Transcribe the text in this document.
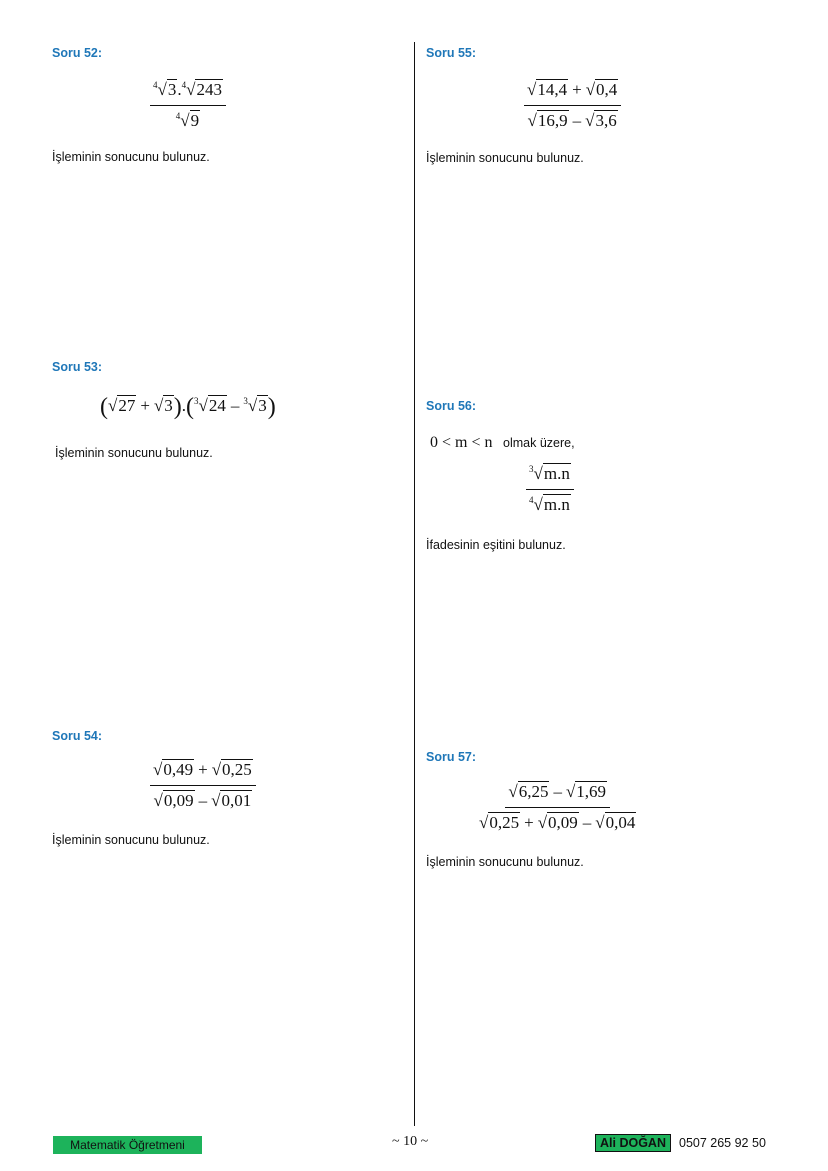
Soru 52:
$\frac{^4√3.^4√243}{^4√9}$
İşleminin sonucunu bulunuz.
Soru 53:
(√27 + √3).($^3$√24 – $^3$√3)
İşleminin sonucunu bulunuz.
Soru 54:
$\frac{√0,49 + √0,25}{√0,09 - √0,01}$
İşleminin sonucunu bulunuz.
Soru 55:
$\frac{√14,4 + √0,4}{√16,9 - √3,6}$
İşleminin sonucunu bulunuz.
Soru 56:
0 < m < n olmak üzere,
$\frac{^3√m.n}{^4√m.n}$
İfadesinin eşitini bulunuz.
Soru 57:
$\frac{√6,25 - √1,69}{√0,25 + √0,09 - √0,04}$
İşleminin sonucunu bulunuz.
Matematik Öğretmeni	~ 10 ~	Ali DOĞAN	0507 265 92 50
